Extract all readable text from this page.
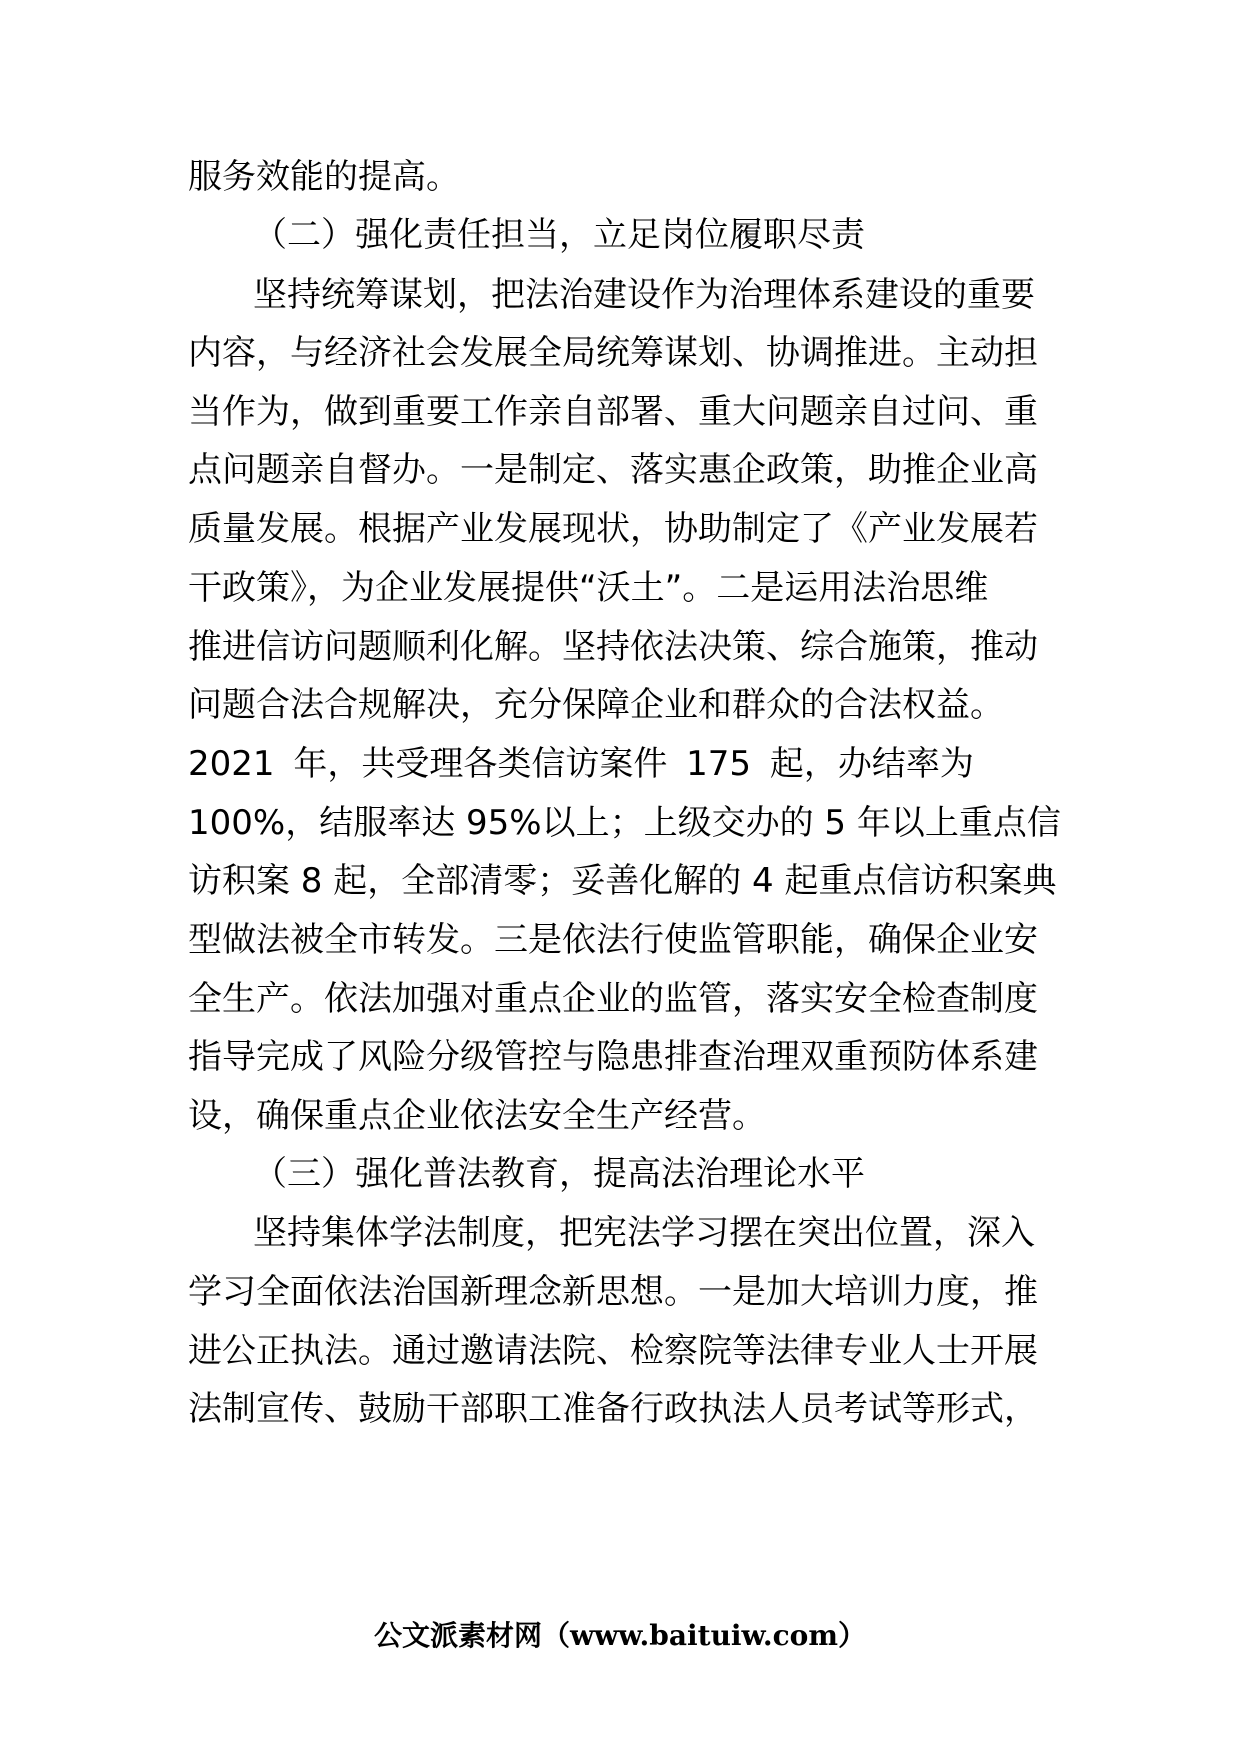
服务效能的提高。
（二）强化责任担当，立足岗位履职尽责
坚持统筹谋划，把法治建设作为治理体系建设的重要
内容，与经济社会发展全局统筹谋划、协调推进。主动担
当作为，做到重要工作亲自部署、重大问题亲自过问、重
点问题亲自督办。一是制定、落实惠企政策，助推企业高
质量发展。根据产业发展现状，协助制定了《产业发展若
干政策》，为企业发展提供“沃土”。二是运用法治思维
推进信访问题顺利化解。坚持依法决策、综合施策，推动
问题合法合规解决，充分保障企业和群众的合法权益。
2021 年，共受理各类信访案件 175 起，办结率为
100%，结服率达 95%以上；上级交办的 5 年以上重点信
访积案 8 起，全部清零；妥善化解的 4 起重点信访积案典
型做法被全市转发。三是依法行使监管职能，确保企业安
全生产。依法加强对重点企业的监管，落实安全检查制度
指导完成了风险分级管控与隐患排查治理双重预防体系建
设，确保重点企业依法安全生产经营。
（三）强化普法教育，提高法治理论水平
坚持集体学法制度，把宪法学习摆在突出位置，深入
学习全面依法治国新理念新思想。一是加大培训力度，推
进公正执法。通过邀请法院、检察院等法律专业人士开展
法制宣传、鼓励干部职工准备行政执法人员考试等形式，
公文派素材网（www.baituiw.com）
